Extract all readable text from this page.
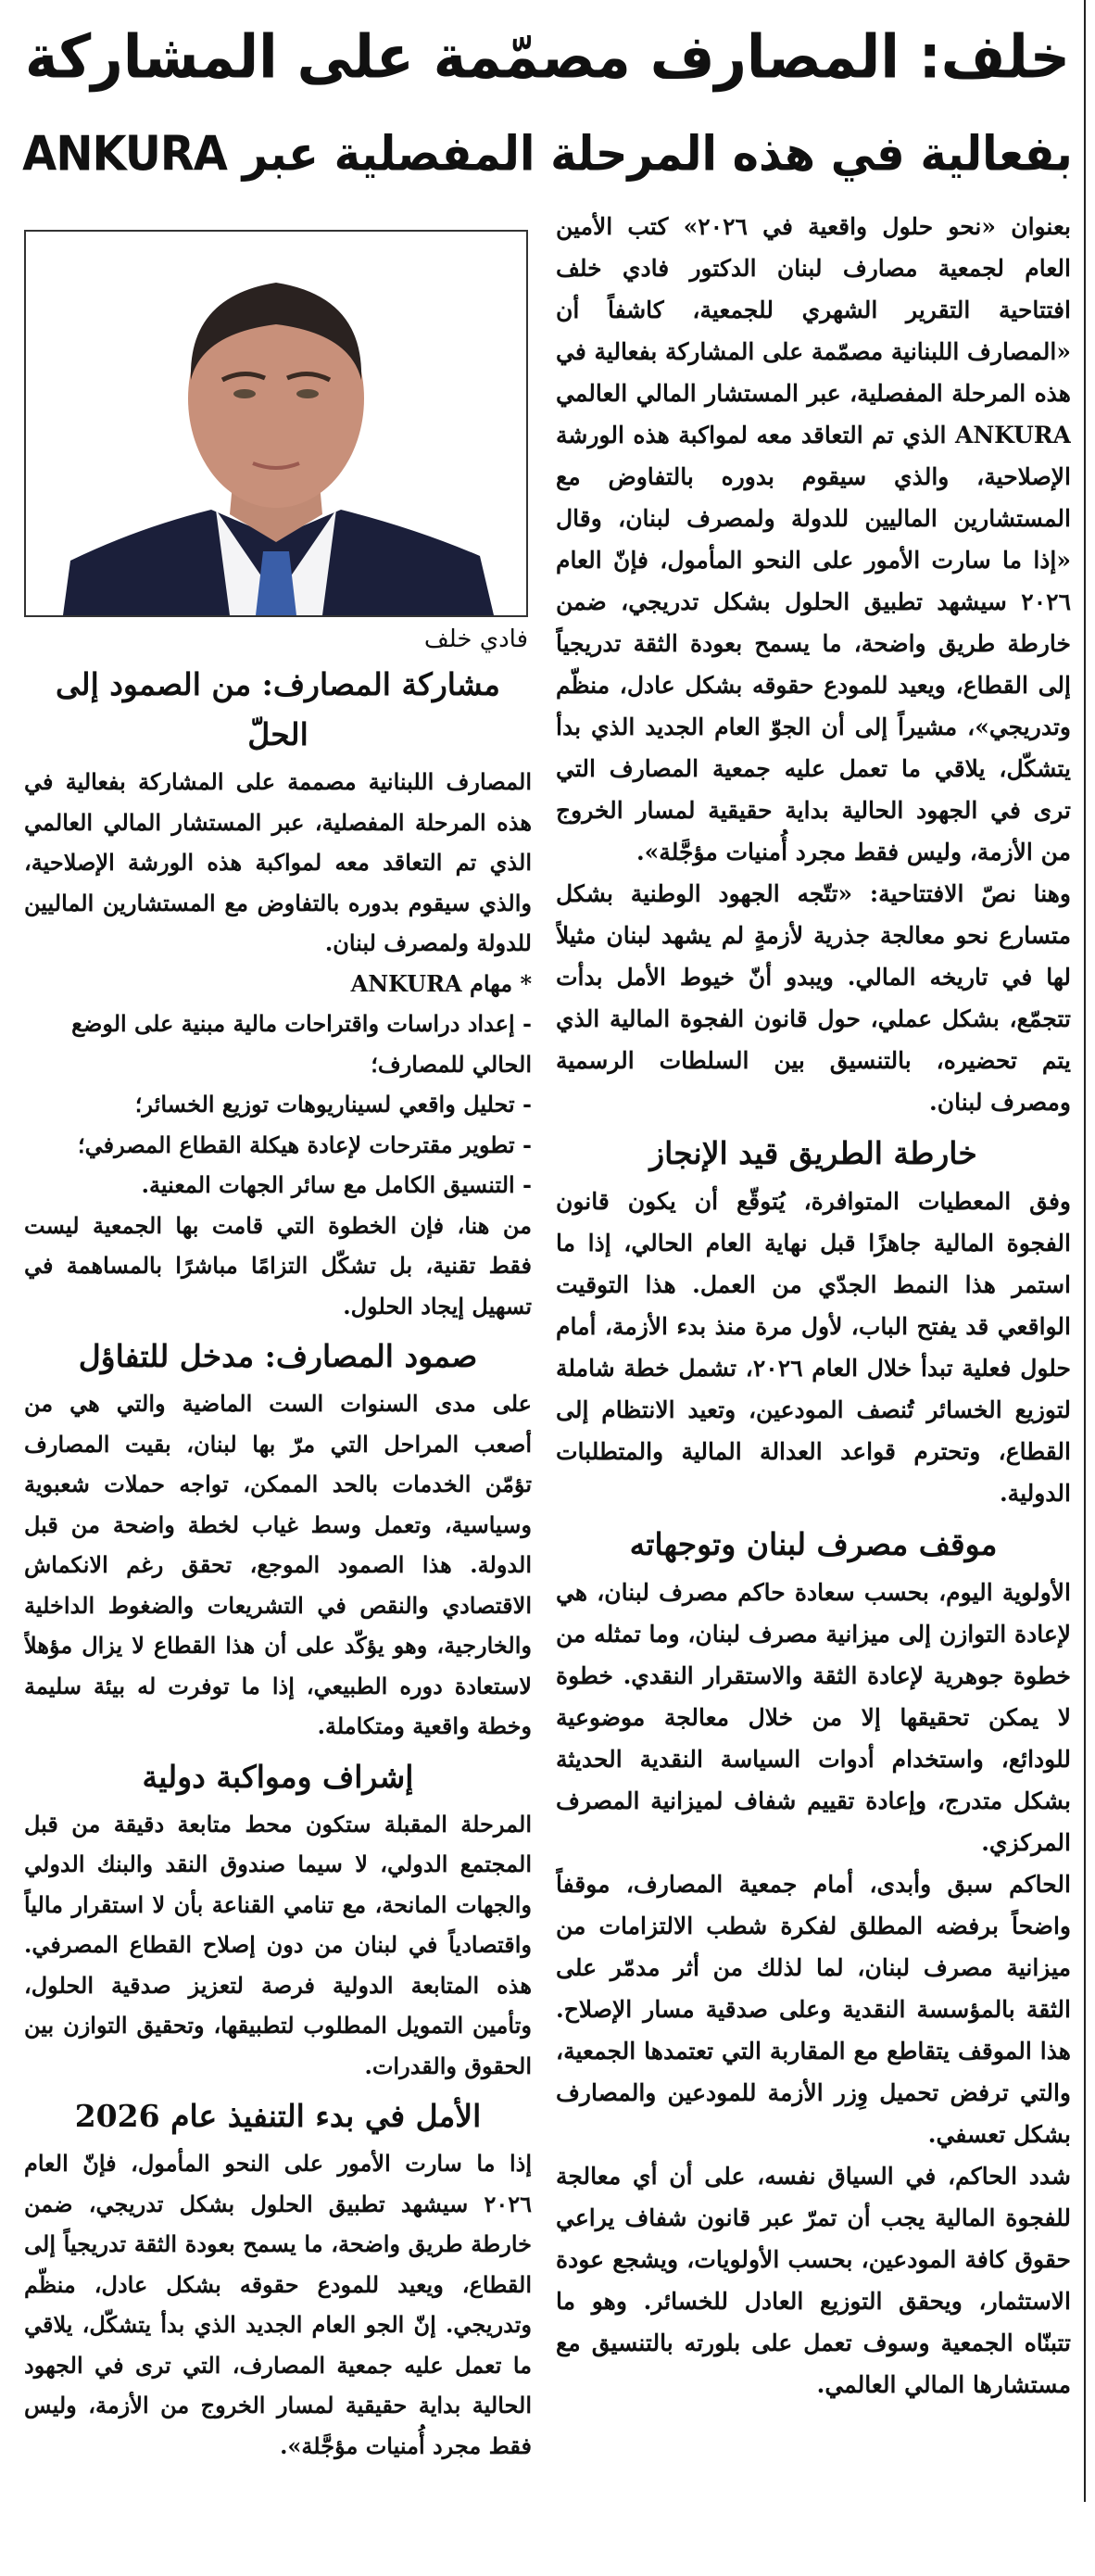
خلف: المصارف مصمّمة على المشاركة
بفعالية في هذه المرحلة المفصلية عبر ANKURA
فادي خلف

بعنوان «نحو حلول واقعية في ٢٠٢٦» كتب الأمين العام لجمعية مصارف لبنان الدكتور فادي خلف افتتاحية التقرير الشهري للجمعية، كاشفاً أن «المصارف اللبنانية مصمّمة على المشاركة بفعالية في هذه المرحلة المفصلية، عبر المستشار المالي العالمي ANKURA الذي تم التعاقد معه لمواكبة هذه الورشة الإصلاحية، والذي سيقوم بدوره بالتفاوض مع المستشارين الماليين للدولة ولمصرف لبنان، وقال «إذا ما سارت الأمور على النحو المأمول، فإنّ العام ٢٠٢٦ سيشهد تطبيق الحلول بشكل تدريجي، ضمن خارطة طريق واضحة، ما يسمح بعودة الثقة تدريجياً إلى القطاع، ويعيد للمودع حقوقه بشكل عادل، منظّم وتدريجي»، مشيراً إلى أن الجوّ العام الجديد الذي بدأ يتشكّل، يلاقي ما تعمل عليه جمعية المصارف التي ترى في الجهود الحالية بداية حقيقية لمسار الخروج من الأزمة، وليس فقط مجرد أُمنيات مؤجَّلة».

وهنا نصّ الافتتاحية: «تتّجه الجهود الوطنية بشكل متسارع نحو معالجة جذرية لأزمةٍ لم يشهد لبنان مثيلاً لها في تاريخه المالي. ويبدو أنّ خيوط الأمل بدأت تتجمّع، بشكل عملي، حول قانون الفجوة المالية الذي يتم تحضيره، بالتنسيق بين السلطات الرسمية ومصرف لبنان.

خارطة الطريق قيد الإنجاز

وفق المعطيات المتوافرة، يُتوقّع أن يكون قانون الفجوة المالية جاهزًا قبل نهاية العام الحالي، إذا ما استمر هذا النمط الجدّي من العمل. هذا التوقيت الواقعي قد يفتح الباب، لأول مرة منذ بدء الأزمة، أمام حلول فعلية تبدأ خلال العام ٢٠٢٦، تشمل خطة شاملة لتوزيع الخسائر تُنصف المودعين، وتعيد الانتظام إلى القطاع، وتحترم قواعد العدالة المالية والمتطلبات الدولية.

موقف مصرف لبنان وتوجهاته

الأولوية اليوم، بحسب سعادة حاكم مصرف لبنان، هي لإعادة التوازن إلى ميزانية مصرف لبنان، وما تمثله من خطوة جوهرية لإعادة الثقة والاستقرار النقدي. خطوة لا يمكن تحقيقها إلا من خلال معالجة موضوعية للودائع، واستخدام أدوات السياسة النقدية الحديثة بشكل متدرج، وإعادة تقييم شفاف لميزانية المصرف المركزي.

الحاكم سبق وأبدى، أمام جمعية المصارف، موقفاً واضحاً برفضه المطلق لفكرة شطب الالتزامات من ميزانية مصرف لبنان، لما لذلك من أثر مدمّر على الثقة بالمؤسسة النقدية وعلى صدقية مسار الإصلاح. هذا الموقف يتقاطع مع المقاربة التي تعتمدها الجمعية، والتي ترفض تحميل وِزر الأزمة للمودعين والمصارف بشكل تعسفي.

شدد الحاكم، في السياق نفسه، على أن أي معالجة للفجوة المالية يجب أن تمرّ عبر قانون شفاف يراعي حقوق كافة المودعين، بحسب الأولويات، ويشجع عودة الاستثمار، ويحقق التوزيع العادل للخسائر. وهو ما تتبنّاه الجمعية وسوف تعمل على بلورته بالتنسيق مع مستشارها المالي العالمي.

مشاركة المصارف: من الصمود إلى الحلّ

المصارف اللبنانية مصممة على المشاركة بفعالية في هذه المرحلة المفصلية، عبر المستشار المالي العالمي الذي تم التعاقد معه لمواكبة هذه الورشة الإصلاحية، والذي سيقوم بدوره بالتفاوض مع المستشارين الماليين للدولة ولمصرف لبنان.

* مهام ANKURA

- إعداد دراسات واقتراحات مالية مبنية على الوضع الحالي للمصارف؛

- تحليل واقعي لسيناريوهات توزيع الخسائر؛

- تطوير مقترحات لإعادة هيكلة القطاع المصرفي؛

- التنسيق الكامل مع سائر الجهات المعنية.

من هنا، فإن الخطوة التي قامت بها الجمعية ليست فقط تقنية، بل تشكّل التزامًا مباشرًا بالمساهمة في تسهيل إيجاد الحلول.

صمود المصارف: مدخل للتفاؤل

على مدى السنوات الست الماضية والتي هي من أصعب المراحل التي مرّ بها لبنان، بقيت المصارف تؤمّن الخدمات بالحد الممكن، تواجه حملات شعبوية وسياسية، وتعمل وسط غياب لخطة واضحة من قبل الدولة. هذا الصمود الموجع، تحقق رغم الانكماش الاقتصادي والنقص في التشريعات والضغوط الداخلية والخارجية، وهو يؤكّد على أن هذا القطاع لا يزال مؤهلاً لاستعادة دوره الطبيعي، إذا ما توفرت له بيئة سليمة وخطة واقعية ومتكاملة.

إشراف ومواكبة دولية

المرحلة المقبلة ستكون محط متابعة دقيقة من قبل المجتمع الدولي، لا سيما صندوق النقد والبنك الدولي والجهات المانحة، مع تنامي القناعة بأن لا استقرار مالياً واقتصادياً في لبنان من دون إصلاح القطاع المصرفي. هذه المتابعة الدولية فرصة لتعزيز صدقية الحلول، وتأمين التمويل المطلوب لتطبيقها، وتحقيق التوازن بين الحقوق والقدرات.

الأمل في بدء التنفيذ عام 2026

إذا ما سارت الأمور على النحو المأمول، فإنّ العام ٢٠٢٦ سيشهد تطبيق الحلول بشكل تدريجي، ضمن خارطة طريق واضحة، ما يسمح بعودة الثقة تدريجياً إلى القطاع، ويعيد للمودع حقوقه بشكل عادل، منظّم وتدريجي. إنّ الجو العام الجديد الذي بدأ يتشكّل، يلاقي ما تعمل عليه جمعية المصارف، التي ترى في الجهود الحالية بداية حقيقية لمسار الخروج من الأزمة، وليس فقط مجرد أُمنيات مؤجَّلة».
